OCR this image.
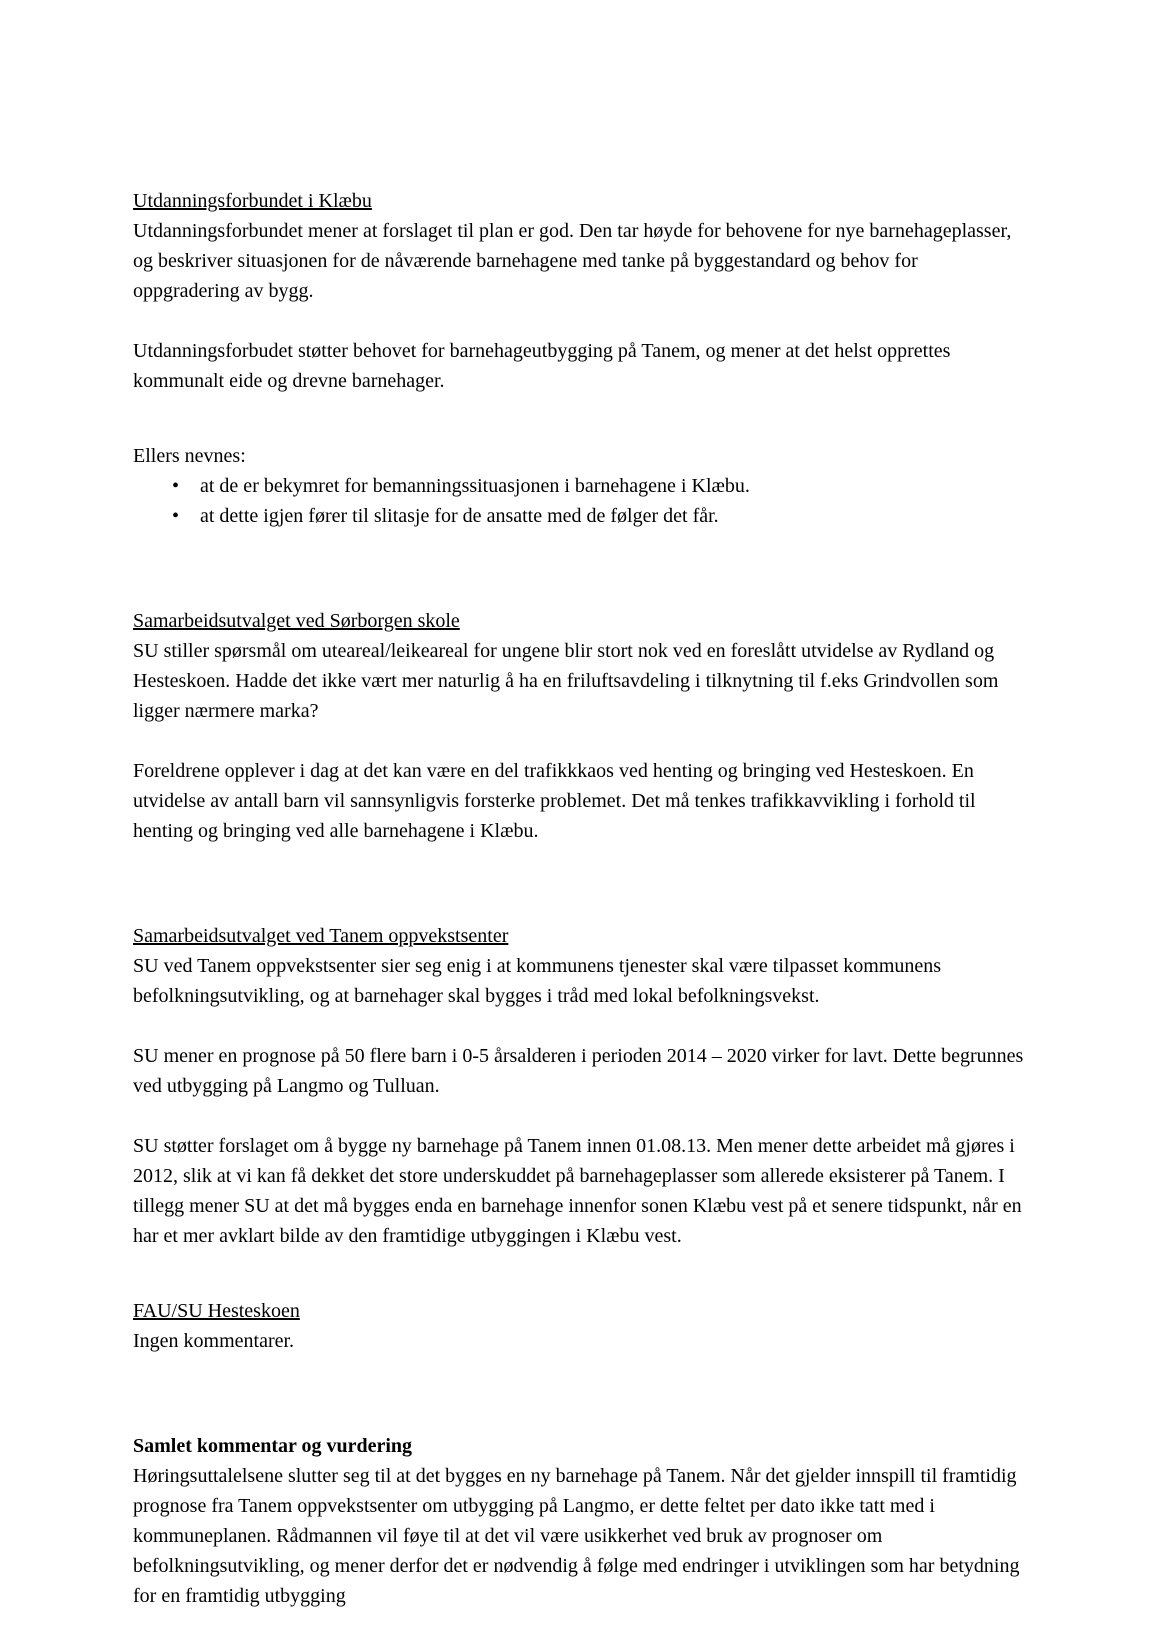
Utdanningsforbundet i Klæbu
Utdanningsforbundet mener at forslaget til plan er god. Den tar høyde for behovene for nye barnehageplasser, og beskriver situasjonen for de nåværende barnehagene med tanke på byggestandard og behov for oppgradering av bygg.
Utdanningsforbudet støtter behovet for barnehageutbygging på Tanem, og mener at det helst opprettes kommunalt eide og drevne barnehager.
Ellers nevnes:
• at de er bekymret for bemanningssituasjonen i barnehagene i Klæbu.
• at dette igjen fører til slitasje for de ansatte med de følger det får.
Samarbeidsutvalget ved Sørborgen skole
SU stiller spørsmål om uteareal/leikeareal for ungene blir stort nok ved en foreslått utvidelse av Rydland og Hesteskoen. Hadde det ikke vært mer naturlig å ha en friluftsavdeling i tilknytning til f.eks Grindvollen som ligger nærmere marka?
Foreldrene opplever i dag at det kan være en del trafikkkaos ved henting og bringing ved Hesteskoen. En utvidelse av antall barn vil sannsynligvis forsterke problemet. Det må tenkes trafikkavvikling i forhold til henting og bringing ved alle barnehagene i Klæbu.
Samarbeidsutvalget ved Tanem oppvekstsenter
SU ved Tanem oppvekstsenter sier seg enig i at kommunens tjenester skal være tilpasset kommunens befolkningsutvikling, og at barnehager skal bygges i tråd med lokal befolkningsvekst.
SU mener en prognose på 50 flere barn i 0-5 årsalderen i perioden 2014 – 2020 virker for lavt. Dette begrunnes ved utbygging på Langmo og Tulluan.
SU støtter forslaget om å bygge ny barnehage på Tanem innen 01.08.13. Men mener dette arbeidet må gjøres i 2012, slik at vi kan få dekket det store underskuddet på barnehageplasser som allerede eksisterer på Tanem. I tillegg mener SU at det må bygges enda en barnehage innenfor sonen Klæbu vest på et senere tidspunkt, når en har et mer avklart bilde av den framtidige utbyggingen i Klæbu vest.
FAU/SU Hesteskoen
Ingen kommentarer.
Samlet kommentar og vurdering
Høringsuttalelsene slutter seg til at det bygges en ny barnehage på Tanem. Når det gjelder innspill til framtidig prognose fra Tanem oppvekstsenter om utbygging på Langmo, er dette feltet per dato ikke tatt med i kommuneplanen. Rådmannen vil føye til at det vil være usikkerhet ved bruk av prognoser om befolkningsutvikling, og mener derfor det er nødvendig å følge med endringer i utviklingen som har betydning for en framtidig utbygging
